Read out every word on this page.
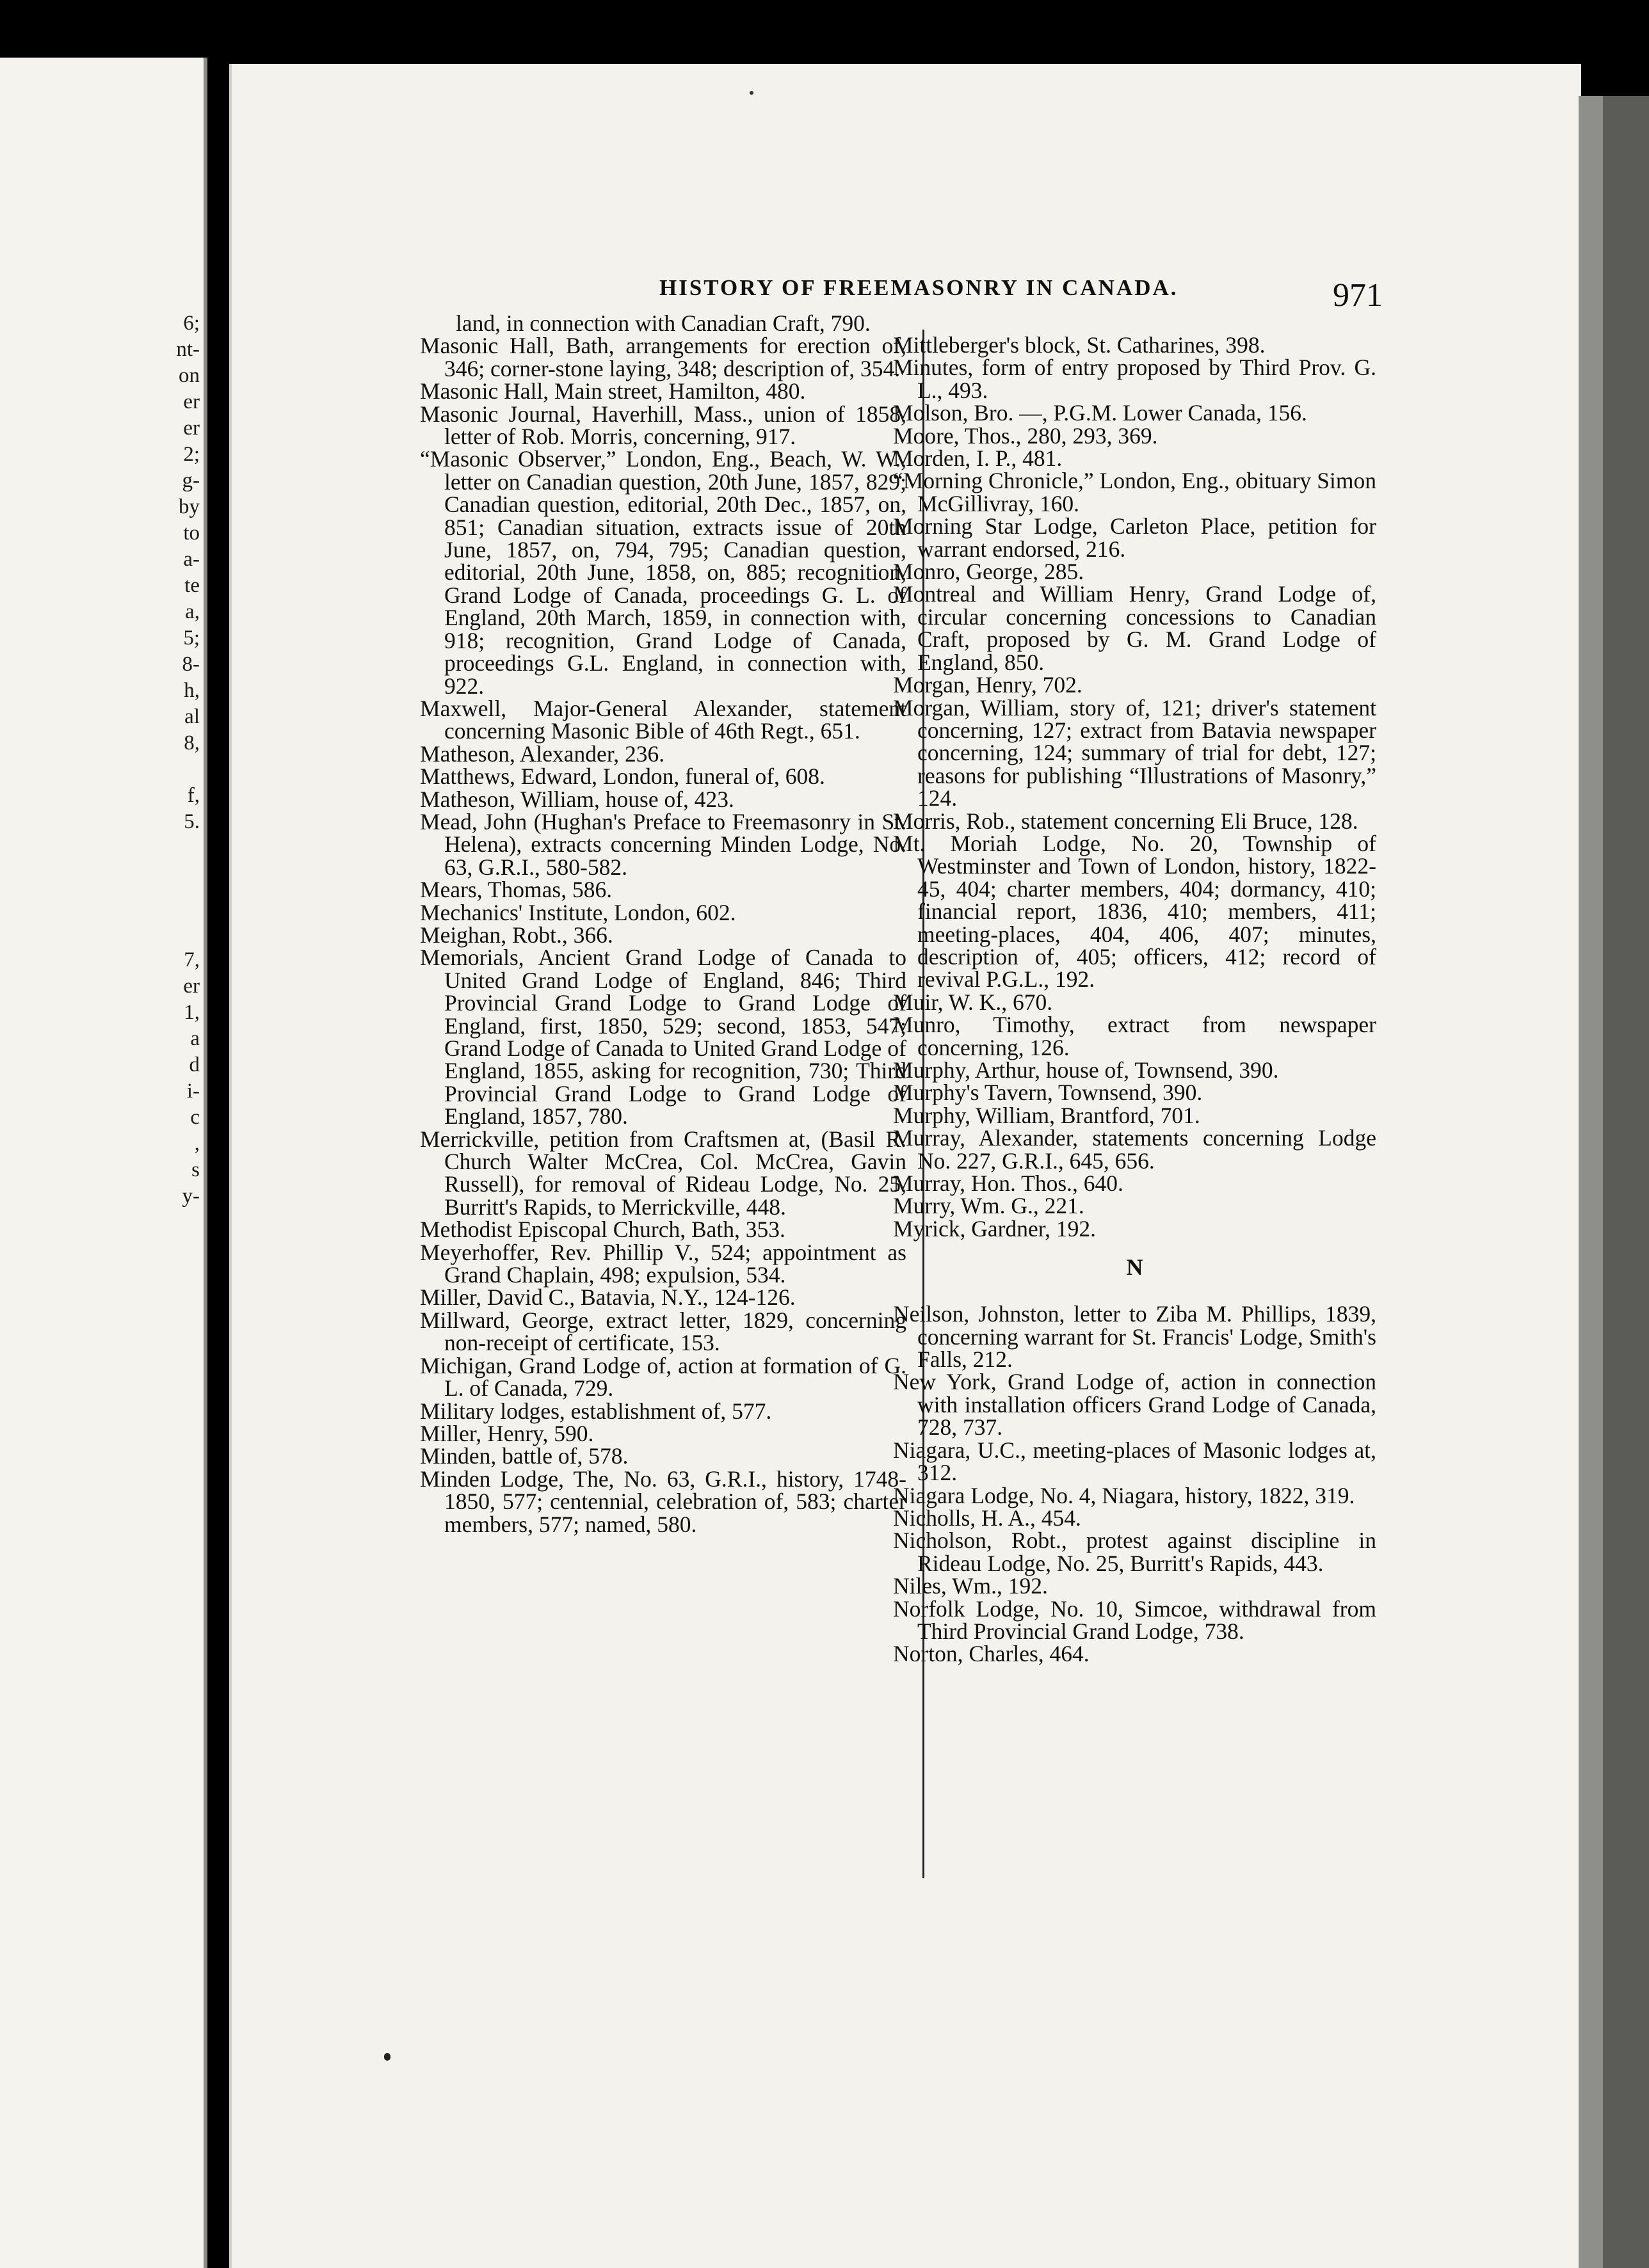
6;
nt-
on
er
er
2;
g-
by
to
a-
te
a,
5;
8-
h,
al
8,
f,
5.
7,
er
1,
a
d
i-
c
,
s
y-
HISTORY OF FREEMASONRY IN CANADA.	971

land, in connection with Canadian Craft, 790.

Masonic Hall, Bath, arrangements for erection of, 346; corner-stone laying, 348; description of, 354.

Masonic Hall, Main street, Hamilton, 480.

Masonic Journal, Haverhill, Mass., union of 1858, letter of Rob. Morris, concerning, 917.

“Masonic Observer,” London, Eng., Beach, W. W., letter on Canadian question, 20th June, 1857, 829; Canadian question, editorial, 20th Dec., 1857, on, 851; Canadian situation, extracts issue of 20th June, 1857, on, 794, 795; Canadian question, editorial, 20th June, 1858, on, 885; recognition, Grand Lodge of Canada, proceedings G. L. of England, 20th March, 1859, in connection with, 918; recognition, Grand Lodge of Canada, proceedings G.L. England, in connection with, 922.

Maxwell, Major-General Alexander, statement concerning Masonic Bible of 46th Regt., 651.

Matheson, Alexander, 236.

Matthews, Edward, London, funeral of, 608.

Matheson, William, house of, 423.

Mead, John (Hughan's Preface to Freemasonry in St. Helena), extracts concerning Minden Lodge, No. 63, G.R.I., 580-582.

Mears, Thomas, 586.

Mechanics' Institute, London, 602.

Meighan, Robt., 366.

Memorials, Ancient Grand Lodge of Canada to United Grand Lodge of England, 846; Third Provincial Grand Lodge to Grand Lodge of England, first, 1850, 529; second, 1853, 547; Grand Lodge of Canada to United Grand Lodge of England, 1855, asking for recognition, 730; Third Provincial Grand Lodge to Grand Lodge of England, 1857, 780.

Merrickville, petition from Craftsmen at, (Basil R. Church Walter McCrea, Col. McCrea, Gavin Russell), for removal of Rideau Lodge, No. 25, Burritt's Rapids, to Merrickville, 448.

Methodist Episcopal Church, Bath, 353.

Meyerhoffer, Rev. Phillip V., 524; appointment as Grand Chaplain, 498; expulsion, 534.

Miller, David C., Batavia, N.Y., 124-126.

Millward, George, extract letter, 1829, concerning non-receipt of certificate, 153.

Michigan, Grand Lodge of, action at formation of G. L. of Canada, 729.

Military lodges, establishment of, 577.

Miller, Henry, 590.

Minden, battle of, 578.

Minden Lodge, The, No. 63, G.R.I., history, 1748-1850, 577; centennial, celebration of, 583; charter members, 577; named, 580.

Mittleberger's block, St. Catharines, 398.

Minutes, form of entry proposed by Third Prov. G. L., 493.

Molson, Bro. —, P.G.M. Lower Canada, 156.

Moore, Thos., 280, 293, 369.

Morden, I. P., 481.

“Morning Chronicle,” London, Eng., obituary Simon McGillivray, 160.

Morning Star Lodge, Carleton Place, petition for warrant endorsed, 216.

Monro, George, 285.

Montreal and William Henry, Grand Lodge of, circular concerning concessions to Canadian Craft, proposed by G. M. Grand Lodge of England, 850.

Morgan, Henry, 702.

Morgan, William, story of, 121; driver's statement concerning, 127; extract from Batavia newspaper concerning, 124; summary of trial for debt, 127; reasons for publishing “Illustrations of Masonry,” 124.

Morris, Rob., statement concerning Eli Bruce, 128.

Mt. Moriah Lodge, No. 20, Township of Westminster and Town of London, history, 1822-45, 404; charter members, 404; dormancy, 410; financial report, 1836, 410; members, 411; meeting-places, 404, 406, 407; minutes, description of, 405; officers, 412; record of revival P.G.L., 192.

Muir, W. K., 670.

Munro, Timothy, extract from newspaper concerning, 126.

Murphy, Arthur, house of, Townsend, 390.

Murphy's Tavern, Townsend, 390.

Murphy, William, Brantford, 701.

Murray, Alexander, statements concerning Lodge No. 227, G.R.I., 645, 656.

Murray, Hon. Thos., 640.

Murry, Wm. G., 221.

Myrick, Gardner, 192.

N

Neilson, Johnston, letter to Ziba M. Phillips, 1839, concerning warrant for St. Francis' Lodge, Smith's Falls, 212.

New York, Grand Lodge of, action in connection with installation officers Grand Lodge of Canada, 728, 737.

Niagara, U.C., meeting-places of Masonic lodges at, 312.

Niagara Lodge, No. 4, Niagara, history, 1822, 319.

Nicholls, H. A., 454.

Nicholson, Robt., protest against discipline in Rideau Lodge, No. 25, Burritt's Rapids, 443.

Niles, Wm., 192.

Norfolk Lodge, No. 10, Simcoe, withdrawal from Third Provincial Grand Lodge, 738.

Norton, Charles, 464.
